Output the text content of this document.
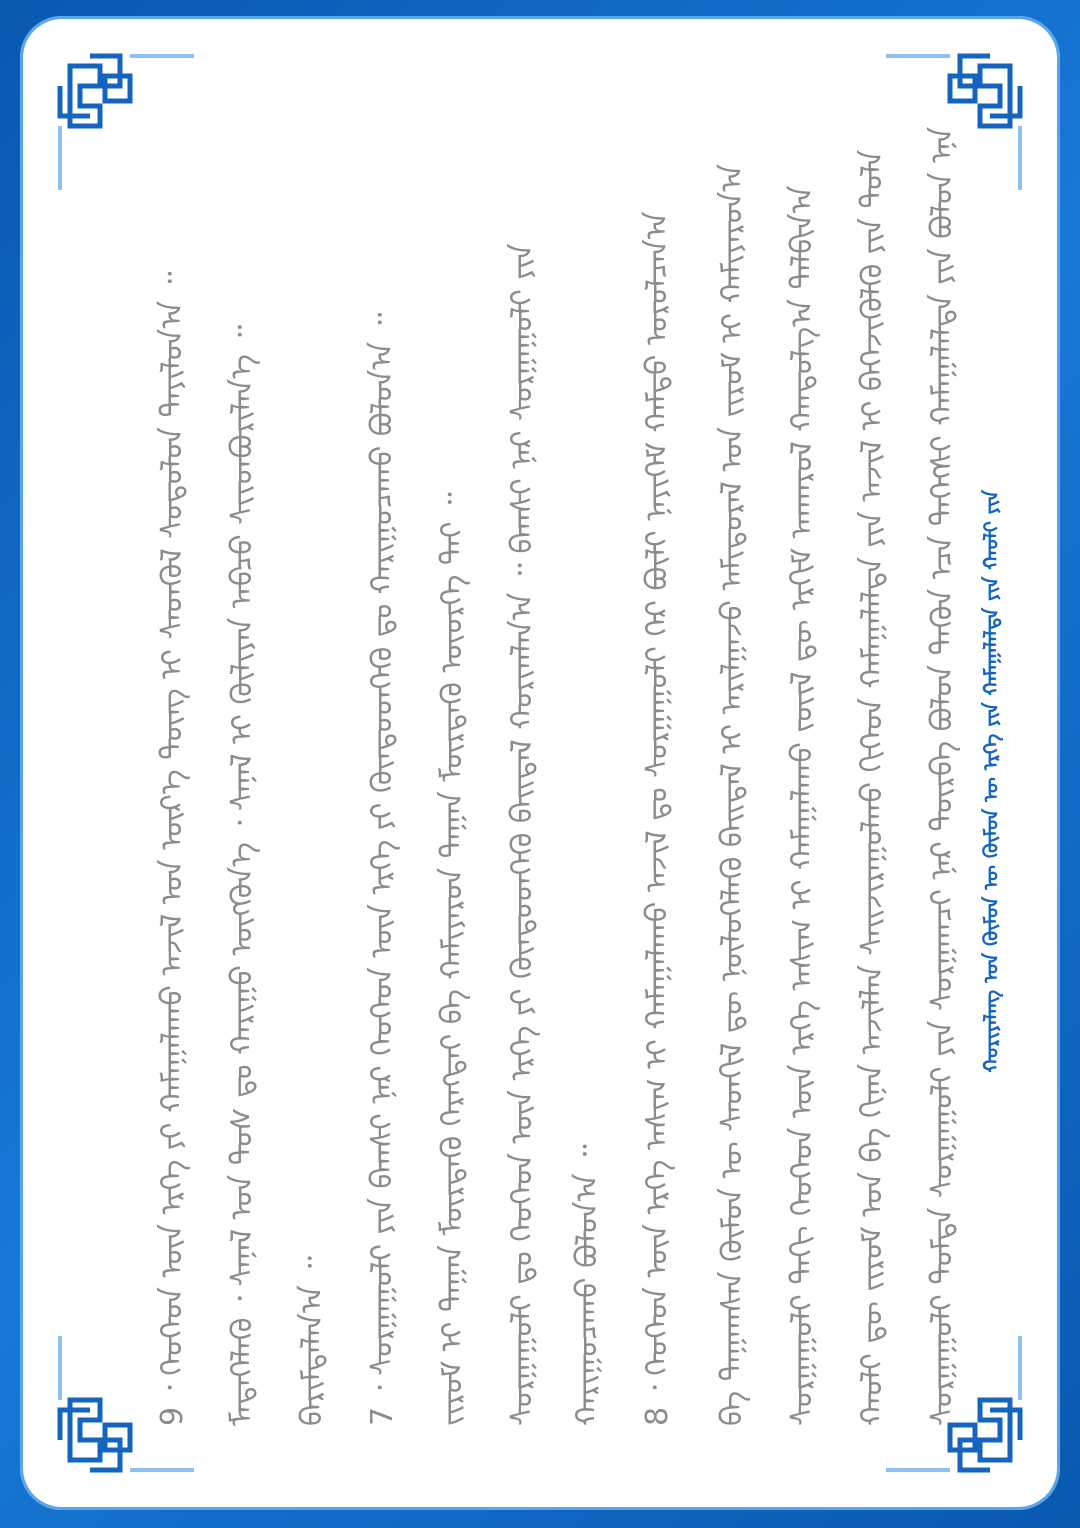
ᠬᠤᠷᠢᠶᠠᠯᠠᠩ ᠤᠨ ᠬᠦᠮᠦᠨ ᠦ ᠬᠦᠮᠦᠨ ᠦ ᠡᠷᠬᠡ ᠶᠢᠨ ᠬᠠᠮᠠᠭᠠᠯᠠᠯᠲᠠ ᠶᠢᠨ ᠬᠠᠤᠯᠢ ᠶᠢᠨ
ᠰᠤᠷᠭᠠᠭᠤᠯᠢ ᠳᠤᠮᠳᠠ ᠰᠤᠷᠭᠠᠭᠤᠯᠢ ᠶᠢᠨ ᠰᠤᠷᠭᠠᠭᠴᠢ ᠨᠠᠷ ᠳᠦᠷᠪᠡ ᠪᠤᠯᠤᠨ ᠲᠡᠭᠦᠨ ᠡᠴᠡ ᠳᠡᠭᠡᠭᠰᠢ ᠬᠠᠮᠠᠭᠠᠯᠠᠯᠲᠠ ᠶᠢᠨ ᠪᠤᠯᠤᠨ ᠡᠨᠡ
ᠬᠠᠤᠯᠢ ᠳᠦ ᠵᠢᠷᠤᠮ ᠤᠨ ᠪᠠ ᠬᠢᠨᠠᠨ ᠠᠵᠢᠯᠯᠠᠨ ᠰᠠᠢᠵᠢᠷᠠᠭᠤᠯᠬᠤ ᠬᠢᠭᠡᠳ ᠬᠠᠮᠠᠭᠠᠯᠠᠯᠲᠠ ᠶᠢᠨ ᠠᠵᠢᠯ ᠢ ᠪᠡᠬᠡᠵᠢᠭᠦᠯᠬᠦ ᠶᠢᠨ ᠲᠤᠯᠠ
ᠰᠤᠷᠭᠠᠭᠤᠯᠢ ᠳᠠᠬᠢ ᠬᠡᠦᠬᠡᠳ ᠦᠨ ᠡᠷᠬᠡ ᠠᠰᠢᠭ ᠢ ᠬᠠᠮᠠᠭᠠᠯᠠᠬᠤ ᠵᠦᠢᠯ ᠳᠦ ᠡᠷᠬᠢᠮ ᠠᠨᠬᠠᠷᠤᠯ ᠬᠠᠨᠳᠤᠯᠭ᠎ᠠ ᠲᠠᠯᠪᠢᠨ᠎ᠠ
ᠪᠠ ᠳᠠᠭᠠᠭᠰᠠᠨ ᠬᠦᠮᠦᠨ ᠦ ᠰᠡᠳᠬᠢᠯ ᠳᠦ ᠨᠦᠯᠦᠭᠡᠯᠡᠬᠦ ᠪᠠᠢᠳᠠᠯ ᠢ ᠠᠷᠢᠯᠭᠠᠵᠤ ᠠᠮᠢᠳᠤᠷᠠᠯ ᠤᠨ ᠵᠢᠷᠤᠮ ᠢ ᠬᠠᠮᠢᠶᠠᠷᠤᠨ᠎ᠠ
8 ᠂ ᠬᠡᠦᠬᠡᠳ ᠦᠨ ᠡᠷᠬᠡ ᠠᠰᠢᠭ ᠢ ᠬᠠᠮᠠᠭᠠᠯᠠᠬᠤ ᠠᠵᠢᠯ ᠳᠤ ᠰᠤᠷᠭᠠᠭᠤᠯᠢ ᠭᠡᠷ ᠪᠦᠯᠢ ᠨᠡᠶᠢᠭᠡᠮ ᠬᠠᠮᠲᠤ ᠣᠷᠤᠯᠴᠠᠨ᠎ᠠ
ᠬᠠᠷᠢᠭᠤᠴᠠᠬᠤ ᠪᠣᠯᠤᠨ᠎ᠠ ᠃
ᠰᠤᠷᠭᠠᠭᠤᠯᠢ ᠳᠤ ᠬᠡᠦᠬᠡᠳ ᠦᠨ ᠡᠷᠬᠡ ᠶᠢ ᠬᠦᠨᠳᠦᠳᠬᠡᠬᠦ ᠪᠠᠢᠳᠠᠯ ᠬᠣᠷᠢᠭᠯᠠᠨ᠎ᠠ ᠃ ᠪᠠᠭᠰᠢ ᠨᠠᠷ ᠰᠤᠷᠭᠠᠭᠤᠯᠢ ᠶᠢᠨ
ᠵᠢᠷᠤᠮ ᠢ ᠳᠠᠭᠠᠨ ᠮᠦᠷᠳᠡᠬᠦ ᠬᠡᠷᠡᠭᠲᠡᠢ ᠪᠠ ᠬᠠᠮᠢᠶᠠᠷᠤᠨ ᠳᠠᠭᠠᠨ ᠮᠦᠷᠳᠡᠬᠦ ᠦᠦᠷᠭᠡ ᠲᠡᠢ ᠃
7 ᠂ ᠰᠤᠷᠭᠠᠭᠤᠯᠢ ᠶᠢᠨ ᠪᠠᠭᠰᠢ ᠨᠠᠷ ᠬᠡᠦᠬᠡᠳ ᠦᠨ ᠡᠷᠬᠡ ᠶᠢ ᠬᠦᠨᠳᠦᠳᠬᠡᠬᠦ ᠳᠤ ᠬᠠᠷᠢᠭᠤᠴᠠᠬᠤ ᠪᠣᠯᠤᠨ᠎ᠠ ᠃
ᠪᠠᠷᠢᠮᠲᠠᠯᠠᠨ᠎ᠠ ᠃
ᠮᠡᠳᠡᠭᠡᠯᠡᠬᠦ ᠂ ᠰᠠᠨᠠᠯ ᠤᠨ ᠲᠤᠰ ᠳᠤ ᠬᠠᠷᠢᠭᠤ ᠦᠭᠭᠦᠨ᠎ᠡ ᠂ ᠰᠠᠨᠠᠯ ᠢ ᠬᠦᠯᠢᠶᠡᠨ ᠠᠪᠴᠤ ᠰᠢᠢᠳᠪᠦᠷᠢᠯᠡᠨ᠎ᠡ ᠃
9 ᠂ ᠬᠡᠦᠬᠡᠳ ᠦᠨ ᠡᠷᠬᠡ ᠶᠢ ᠬᠠᠮᠠᠭᠠᠯᠠᠬᠤ ᠠᠵᠢᠯ ᠤᠨ ᠦᠷ᠎ᠡ ᠳᠦᠩ ᠢ ᠰᠡᠳᠬᠦᠯ ᠰᠤᠳᠤᠯᠤᠨ ᠲᠠᠶᠢᠯᠤᠨ᠎ᠠ ᠃
